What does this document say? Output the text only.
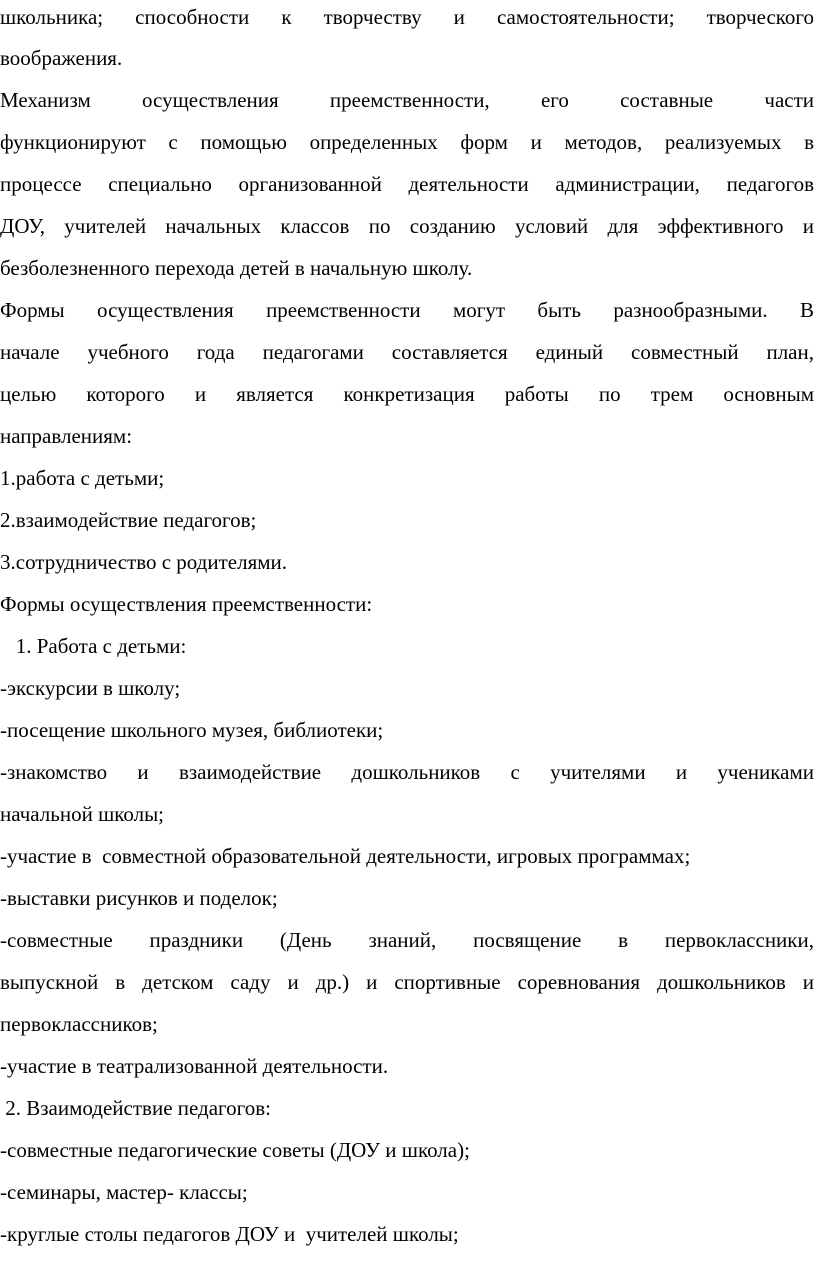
школьника; способности к творчеству и самостоятельности; творческого
воображения.
Механизм осуществления преемственности, его составные части
функционируют с помощью определенных форм и методов, реализуемых в
процессе специально организованной деятельности администрации, педагогов
ДОУ, учителей начальных классов по созданию условий для эффективного и
безболезненного перехода детей в начальную школу.
Формы осуществления преемственности могут быть разнообразными. В
начале учебного года педагогами составляется единый совместный план,
целью которого и является конкретизация работы по трем основным
направлениям:
1.работа с детьми;
2.взаимодействие педагогов;
3.сотрудничество с родителями.
Формы осуществления преемственности:
1. Работа с детьми:
-экскурсии в школу;
-посещение школьного музея, библиотеки;
-знакомство и взаимодействие дошкольников с учителями и учениками
начальной школы;
-участие в  совместной образовательной деятельности, игровых программах;
-выставки рисунков и поделок;
-совместные праздники (День знаний, посвящение в первоклассники,
выпускной в детском саду и др.) и спортивные соревнования дошкольников и
первоклассников;
-участие в театрализованной деятельности.
2. Взаимодействие педагогов:
-совместные педагогические советы (ДОУ и школа);
-семинары, мастер- классы;
-круглые столы педагогов ДОУ и  учителей школы;
